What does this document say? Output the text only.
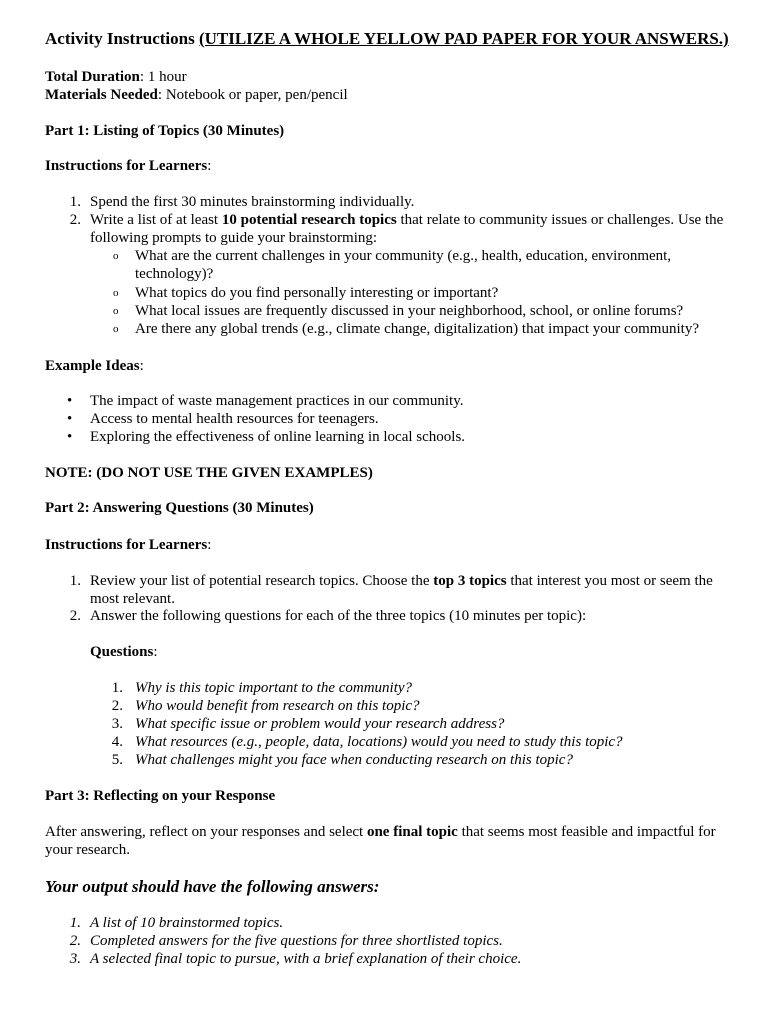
Activity Instructions (UTILIZE A WHOLE YELLOW PAD PAPER FOR YOUR ANSWERS.)
Total Duration: 1 hour
Materials Needed: Notebook or paper, pen/pencil
Part 1: Listing of Topics (30 Minutes)
Instructions for Learners:
1. Spend the first 30 minutes brainstorming individually.
2. Write a list of at least 10 potential research topics that relate to community issues or challenges. Use the following prompts to guide your brainstorming:
o What are the current challenges in your community (e.g., health, education, environment, technology)?
o What topics do you find personally interesting or important?
o What local issues are frequently discussed in your neighborhood, school, or online forums?
o Are there any global trends (e.g., climate change, digitalization) that impact your community?
Example Ideas:
• The impact of waste management practices in our community.
• Access to mental health resources for teenagers.
• Exploring the effectiveness of online learning in local schools.
NOTE: (DO NOT USE THE GIVEN EXAMPLES)
Part 2: Answering Questions (30 Minutes)
Instructions for Learners:
1. Review your list of potential research topics. Choose the top 3 topics that interest you most or seem the most relevant.
2. Answer the following questions for each of the three topics (10 minutes per topic):
Questions:
1. Why is this topic important to the community?
2. Who would benefit from research on this topic?
3. What specific issue or problem would your research address?
4. What resources (e.g., people, data, locations) would you need to study this topic?
5. What challenges might you face when conducting research on this topic?
Part 3: Reflecting on your Response
After answering, reflect on your responses and select one final topic that seems most feasible and impactful for your research.
Your output should have the following answers:
1. A list of 10 brainstormed topics.
2. Completed answers for the five questions for three shortlisted topics.
3. A selected final topic to pursue, with a brief explanation of their choice.
